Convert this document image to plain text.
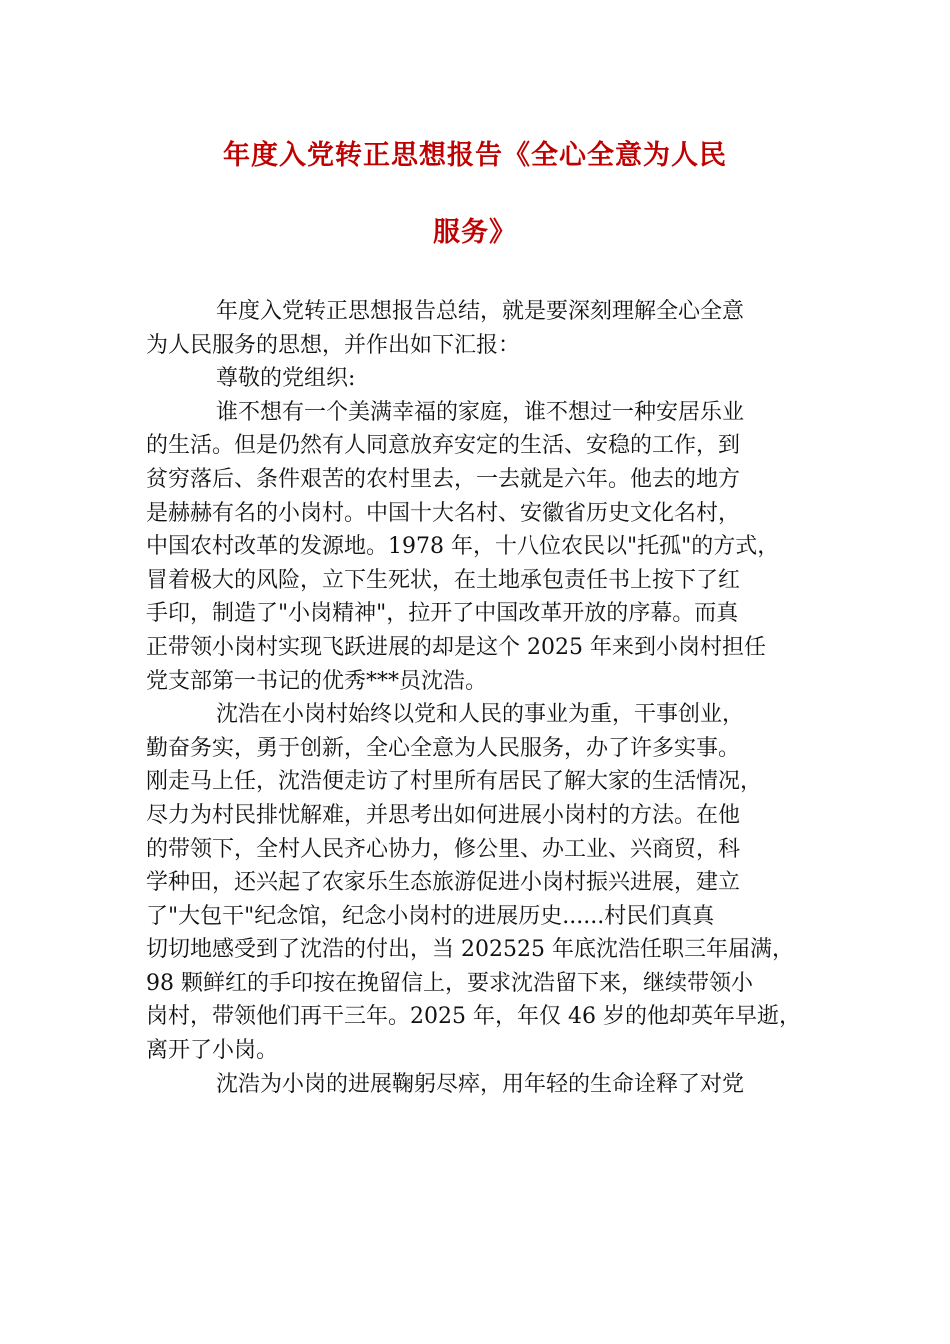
年度入党转正思想报告《全心全意为人民
服务》
年度入党转正思想报告总结，就是要深刻理解全心全意
为人民服务的思想，并作出如下汇报：
尊敬的党组织:
谁不想有一个美满幸福的家庭，谁不想过一种安居乐业
的生活。但是仍然有人同意放弃安定的生活、安稳的工作，到
贫穷落后、条件艰苦的农村里去，一去就是六年。他去的地方
是赫赫有名的小岗村。中国十大名村、安徽省历史文化名村，
中国农村改革的发源地。1978 年，十八位农民以"托孤"的方式，
冒着极大的风险，立下生死状，在土地承包责任书上按下了红
手印，制造了"小岗精神"，拉开了中国改革开放的序幕。而真
正带领小岗村实现飞跃进展的却是这个 2025 年来到小岗村担任
党支部第一书记的优秀***员沈浩。
沈浩在小岗村始终以党和人民的事业为重，干事创业，
勤奋务实，勇于创新，全心全意为人民服务，办了许多实事。
刚走马上任，沈浩便走访了村里所有居民了解大家的生活情况，
尽力为村民排忧解难，并思考出如何进展小岗村的方法。在他
的带领下，全村人民齐心协力，修公里、办工业、兴商贸，科
学种田，还兴起了农家乐生态旅游促进小岗村振兴进展，建立
了"大包干"纪念馆，纪念小岗村的进展历史......村民们真真
切切地感受到了沈浩的付出，当 202525 年底沈浩任职三年届满，
98 颗鲜红的手印按在挽留信上，要求沈浩留下来，继续带领小
岗村，带领他们再干三年。2025 年，年仅 46 岁的他却英年早逝，
离开了小岗。
沈浩为小岗的进展鞠躬尽瘁，用年轻的生命诠释了对党
